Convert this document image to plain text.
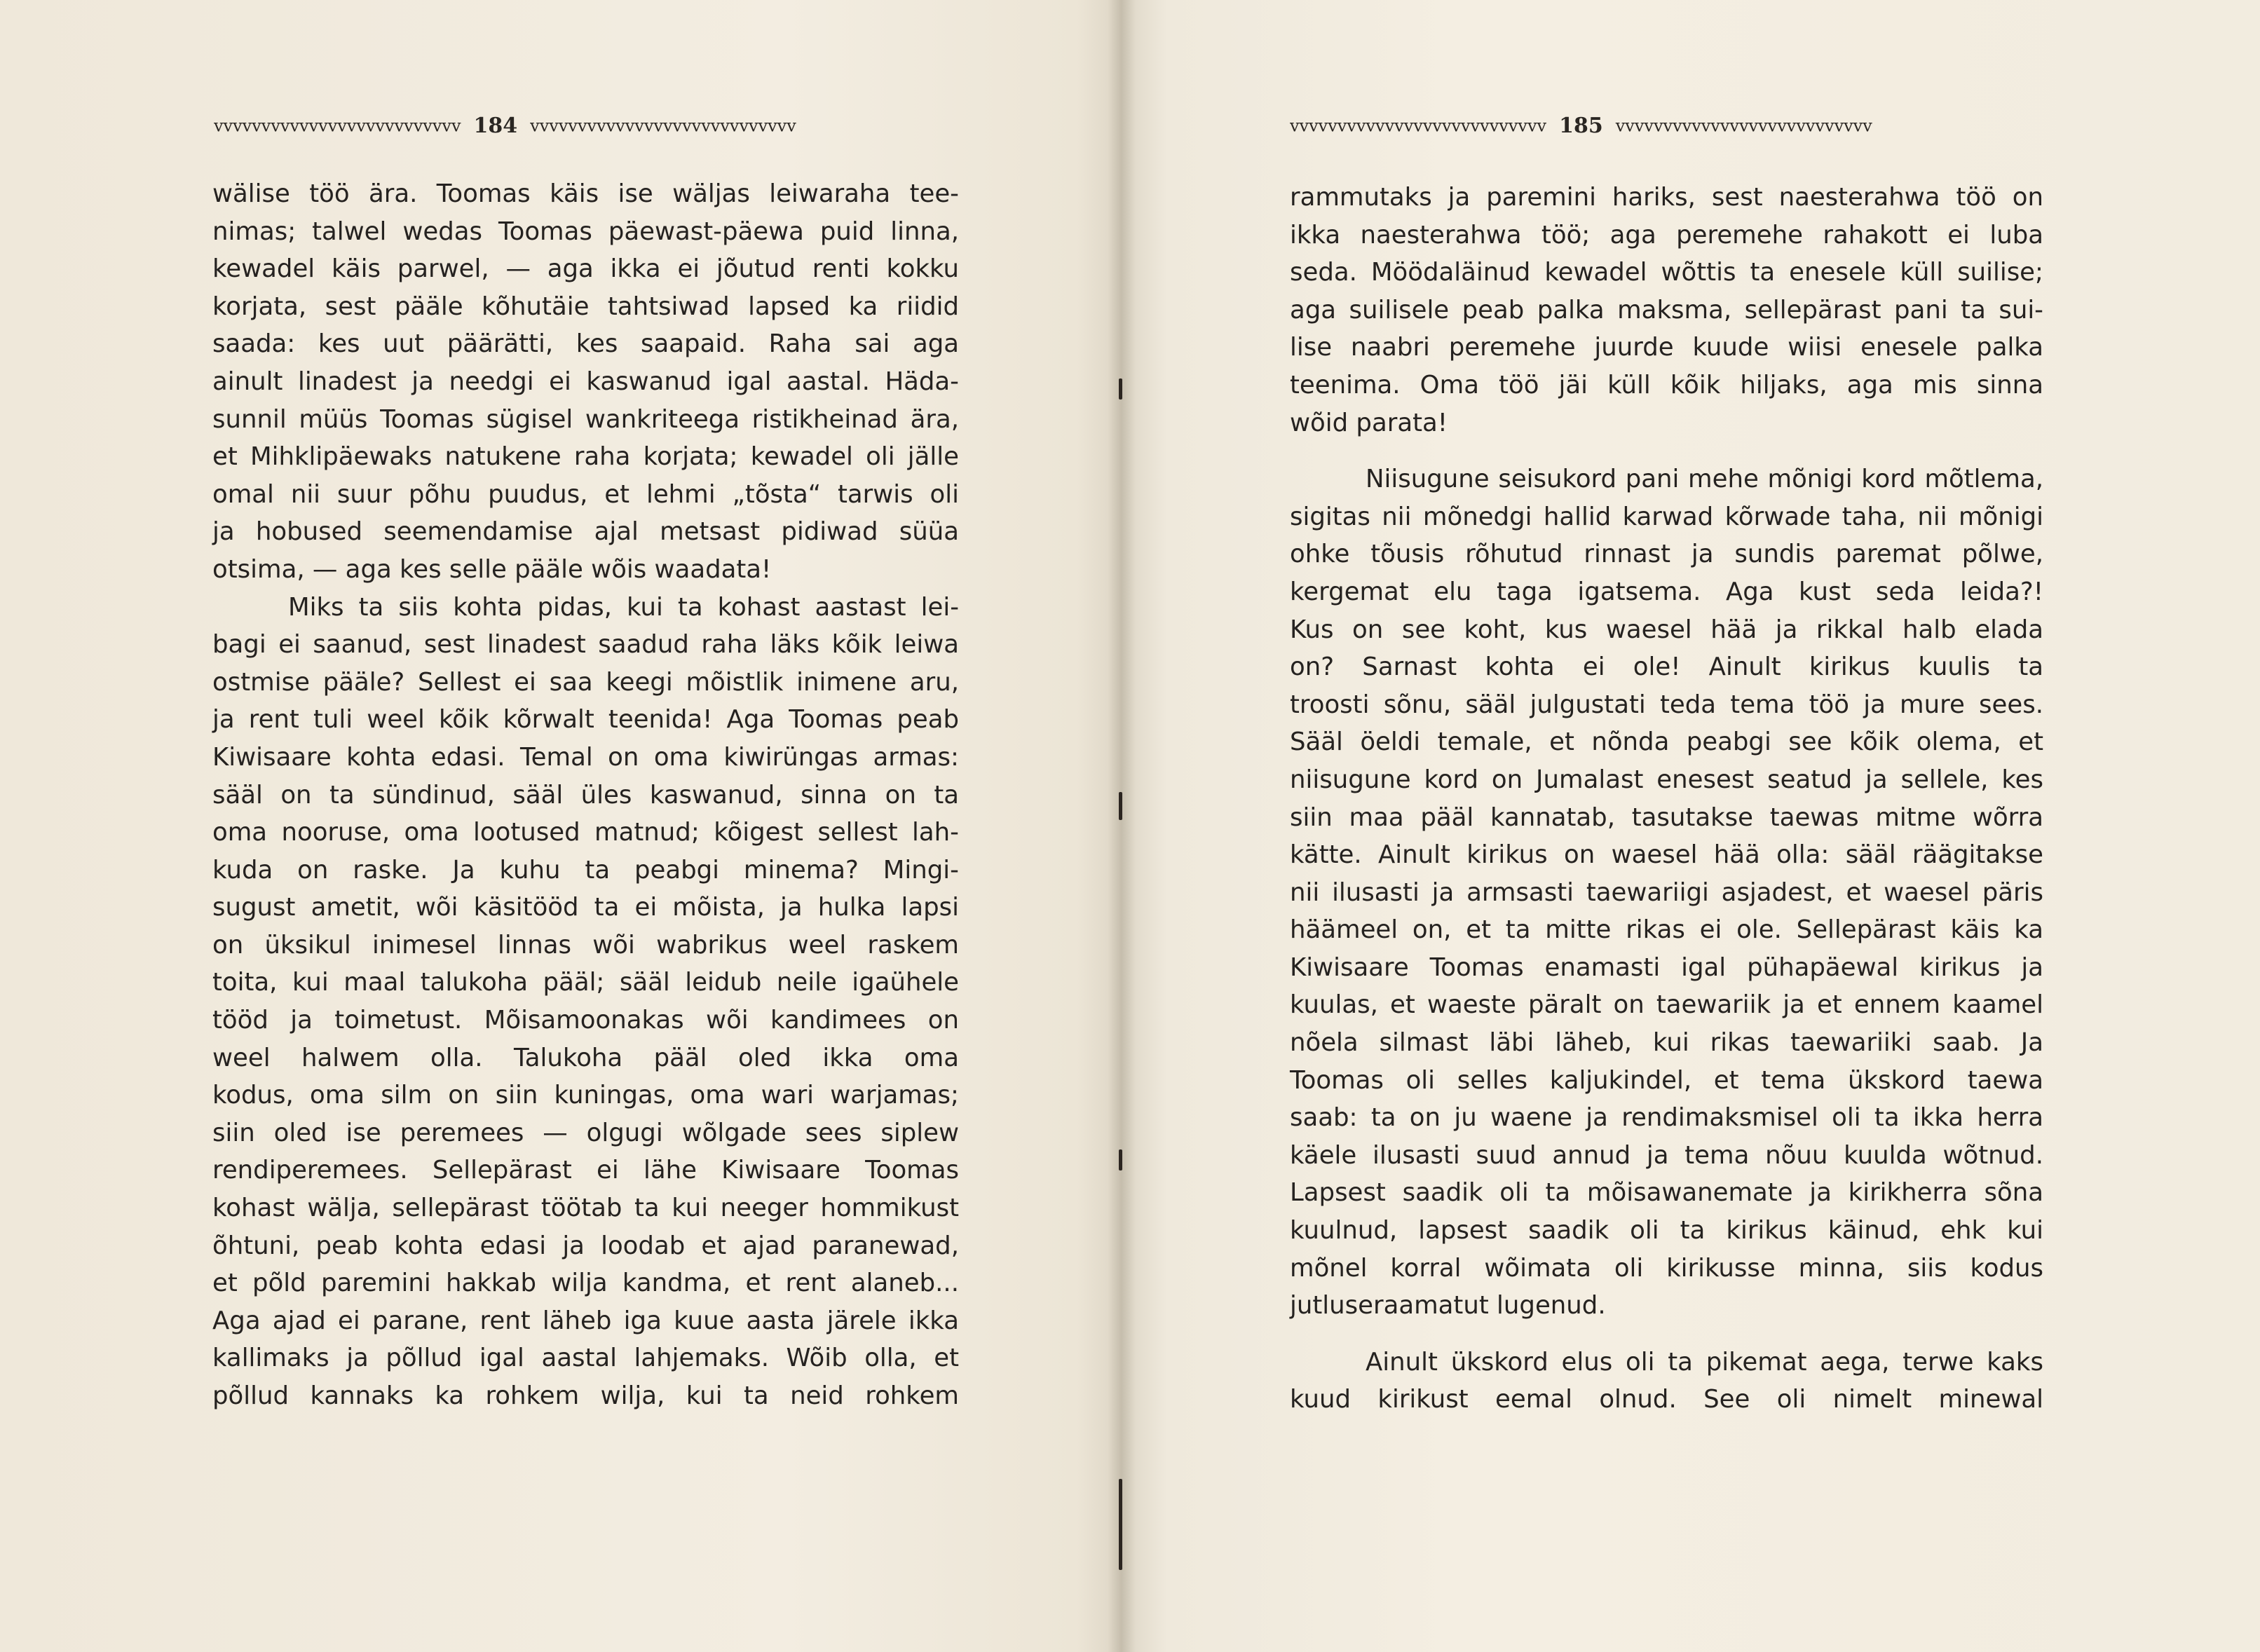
vvvvvvvvvvvvvvvvvvvvvvvvvv 184 vvvvvvvvvvvvvvvvvvvvvvvvvvvv
wälise töö ära. Toomas käis ise wäljas leiwaraha tee-
nimas; talwel wedas Toomas päewast-päewa puid linna,
kewadel käis parwel, — aga ikka ei jõutud renti kokku
korjata, sest pääle kõhutäie tahtsiwad lapsed ka riidid
saada: kes uut päärätti, kes saapaid. Raha sai aga
ainult linadest ja needgi ei kaswanud igal aastal. Häda-
sunnil müüs Toomas sügisel wankriteega ristikheinad ära,
et Mihklipäewaks natukene raha korjata; kewadel oli jälle
omal nii suur põhu puudus, et lehmi „tõsta“ tarwis oli
ja hobused seemendamise ajal metsast pidiwad süüa
otsima, — aga kes selle pääle wõis waadata!
Miks ta siis kohta pidas, kui ta kohast aastast lei-
bagi ei saanud, sest linadest saadud raha läks kõik leiwa
ostmise pääle? Sellest ei saa keegi mõistlik inimene aru,
ja rent tuli weel kõik kõrwalt teenida! Aga Toomas peab
Kiwisaare kohta edasi. Temal on oma kiwirüngas armas:
sääl on ta sündinud, sääl üles kaswanud, sinna on ta
oma nooruse, oma lootused matnud; kõigest sellest lah-
kuda on raske. Ja kuhu ta peabgi minema? Mingi-
sugust ametit, wõi käsitööd ta ei mõista, ja hulka lapsi
on üksikul inimesel linnas wõi wabrikus weel raskem
toita, kui maal talukoha pääl; sääl leidub neile igaühele
tööd ja toimetust. Mõisamoonakas wõi kandimees on
weel halwem olla. Talukoha pääl oled ikka oma
kodus, oma silm on siin kuningas, oma wari warjamas;
siin oled ise peremees — olgugi wõlgade sees siplew
rendiperemees. Sellepärast ei lähe Kiwisaare Toomas
kohast wälja, sellepärast töötab ta kui neeger hommikust
õhtuni, peab kohta edasi ja loodab et ajad paranewad,
et põld paremini hakkab wilja kandma, et rent alaneb...
Aga ajad ei parane, rent läheb iga kuue aasta järele ikka
kallimaks ja põllud igal aastal lahjemaks. Wõib olla, et
põllud kannaks ka rohkem wilja, kui ta neid rohkem
vvvvvvvvvvvvvvvvvvvvvvvvvvv 185 vvvvvvvvvvvvvvvvvvvvvvvvvvv
rammutaks ja paremini hariks, sest naesterahwa töö on
ikka naesterahwa töö; aga peremehe rahakott ei luba
seda. Möödaläinud kewadel wõttis ta enesele küll suilise;
aga suilisele peab palka maksma, sellepärast pani ta sui-
lise naabri peremehe juurde kuude wiisi enesele palka
teenima. Oma töö jäi küll kõik hiljaks, aga mis sinna
wõid parata!
Niisugune seisukord pani mehe mõnigi kord mõtlema,
sigitas nii mõnedgi hallid karwad kõrwade taha, nii mõnigi
ohke tõusis rõhutud rinnast ja sundis paremat põlwe,
kergemat elu taga igatsema. Aga kust seda leida?!
Kus on see koht, kus waesel hää ja rikkal halb elada
on? Sarnast kohta ei ole! Ainult kirikus kuulis ta
troosti sõnu, sääl julgustati teda tema töö ja mure sees.
Sääl öeldi temale, et nõnda peabgi see kõik olema, et
niisugune kord on Jumalast enesest seatud ja sellele, kes
siin maa pääl kannatab, tasutakse taewas mitme wõrra
kätte. Ainult kirikus on waesel hää olla: sääl räägitakse
nii ilusasti ja armsasti taewariigi asjadest, et waesel päris
häämeel on, et ta mitte rikas ei ole. Sellepärast käis ka
Kiwisaare Toomas enamasti igal pühapäewal kirikus ja
kuulas, et waeste päralt on taewariik ja et ennem kaamel
nõela silmast läbi läheb, kui rikas taewariiki saab. Ja
Toomas oli selles kaljukindel, et tema ükskord taewa
saab: ta on ju waene ja rendimaksmisel oli ta ikka herra
käele ilusasti suud annud ja tema nõuu kuulda wõtnud.
Lapsest saadik oli ta mõisawanemate ja kirikherra sõna
kuulnud, lapsest saadik oli ta kirikus käinud, ehk kui
mõnel korral wõimata oli kirikusse minna, siis kodus
jutluseraamatut lugenud.
Ainult ükskord elus oli ta pikemat aega, terwe kaks
kuud kirikust eemal olnud. See oli nimelt minewal
